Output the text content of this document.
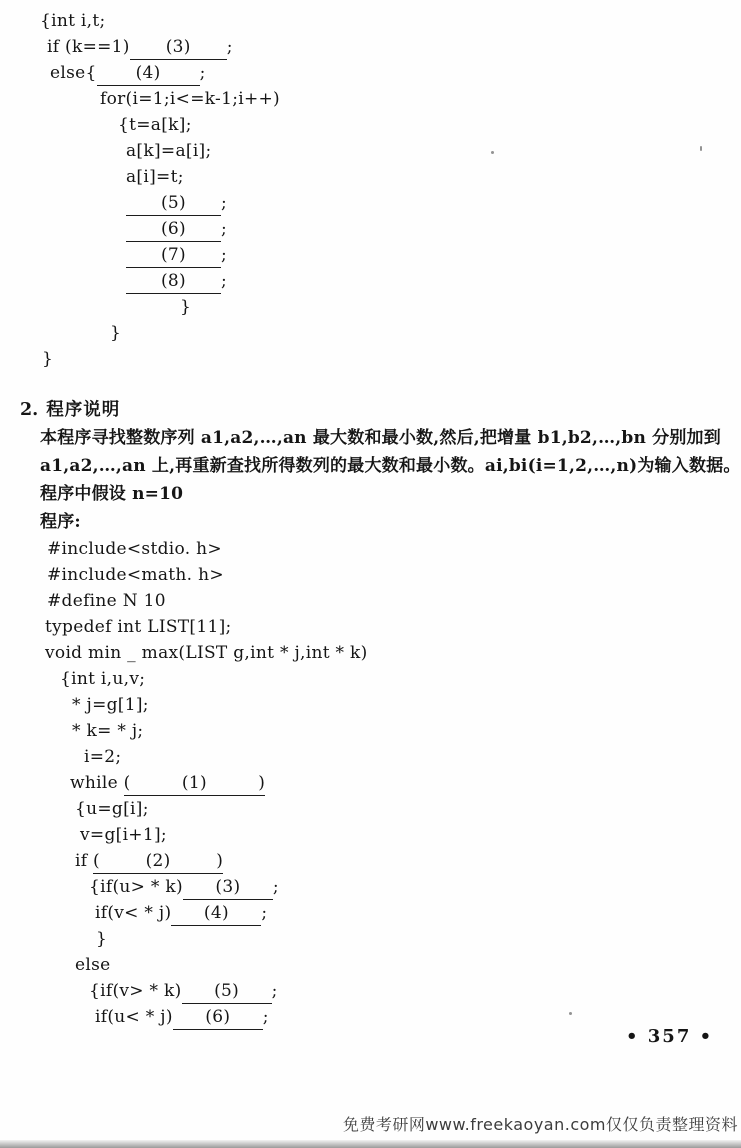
{int i,t;
if (k==1) (3) ;
else{ (4) ;
for(i=1;i<=k-1;i++)
{t=a[k];
a[k]=a[i];
a[i]=t;
(5) ;
(6) ;
(7) ;
(8) ;
}
}
}
2. 程序说明
本程序寻找整数序列 a1,a2,…,an 最大数和最小数,然后,把增量 b1,b2,…,bn 分别加到
a1,a2,…,an 上,再重新查找所得数列的最大数和最小数。ai,bi(i=1,2,…,n)为输入数据。
程序中假设 n=10
程序:
#include<stdio. h>
#include<math. h>
#define N 10
typedef int LIST[11];
void min _ max(LIST g,int * j,int * k)
{int i,u,v;
* j=g[1];
* k= * j;
i=2;
while (         (1)         )
{u=g[i];
v=g[i+1];
if (        (2)        )
{if(u> * k) (3) ;
if(v< * j) (4) ;
}
else
{if(v> * k) (5) ;
if(u< * j) (6) ;
• 357 •
免费考研网www.freekaoyan.com仅仅负责整理资料
